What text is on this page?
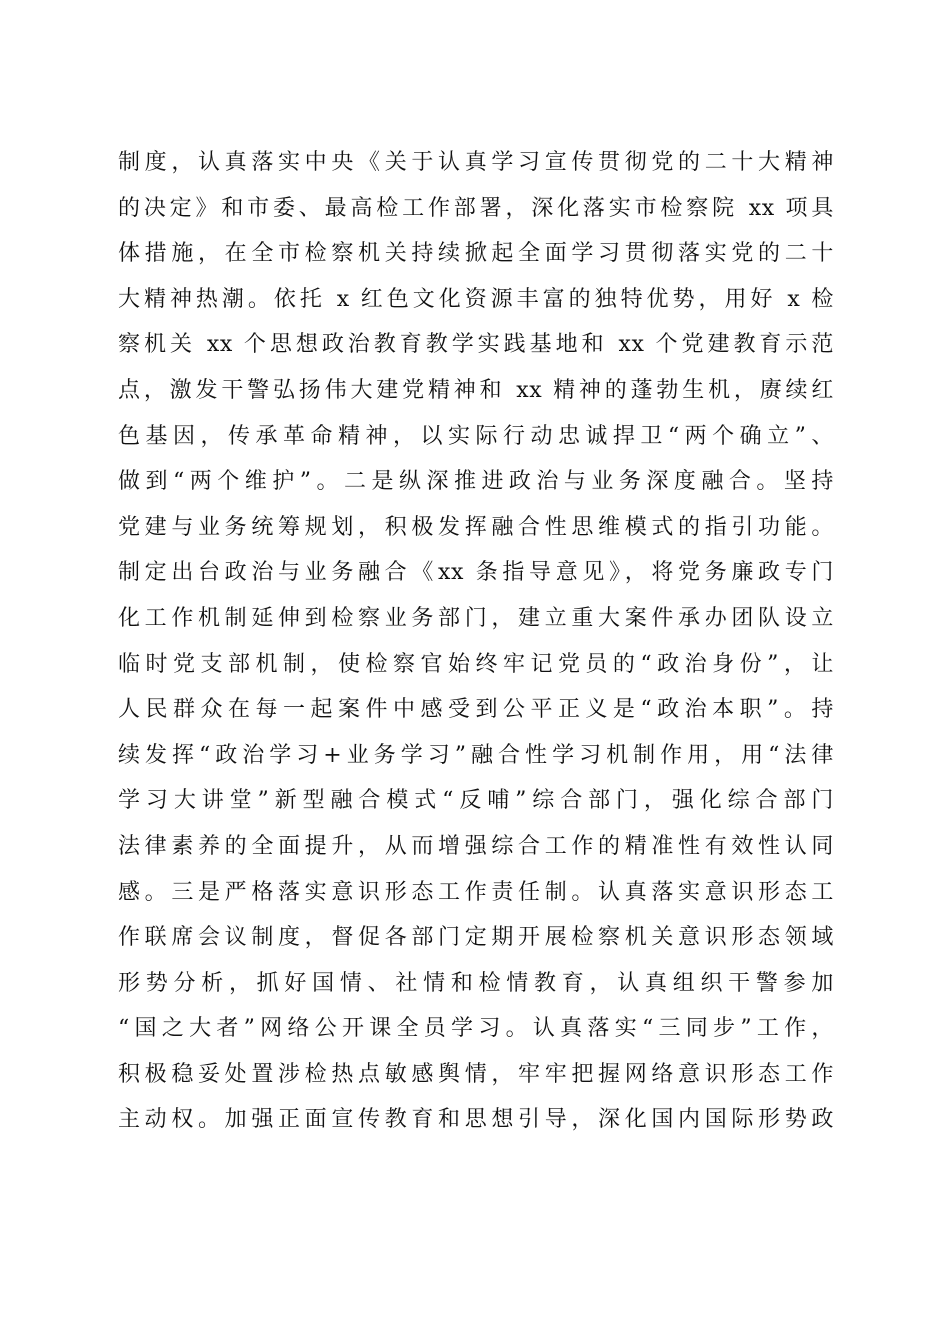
制度，认真落实中央《关于认真学习宣传贯彻党的二十大精神
的决定》和市委、最高检工作部署，深化落实市检察院 xx 项具
体措施，在全市检察机关持续掀起全面学习贯彻落实党的二十
大精神热潮。依托 x 红色文化资源丰富的独特优势，用好 x 检
察机关 xx 个思想政治教育教学实践基地和 xx 个党建教育示范
点，激发干警弘扬伟大建党精神和 xx 精神的蓬勃生机，赓续红
色基因，传承革命精神，以实际行动忠诚捍卫“两个确立”、
做到“两个维护”。二是纵深推进政治与业务深度融合。坚持
党建与业务统筹规划，积极发挥融合性思维模式的指引功能。
制定出台政治与业务融合《xx 条指导意见》，将党务廉政专门
化工作机制延伸到检察业务部门，建立重大案件承办团队设立
临时党支部机制，使检察官始终牢记党员的“政治身份”，让
人民群众在每一起案件中感受到公平正义是“政治本职”。持
续发挥“政治学习+业务学习”融合性学习机制作用，用“法律
学习大讲堂”新型融合模式“反哺”综合部门，强化综合部门
法律素养的全面提升，从而增强综合工作的精准性有效性认同
感。三是严格落实意识形态工作责任制。认真落实意识形态工
作联席会议制度，督促各部门定期开展检察机关意识形态领域
形势分析，抓好国情、社情和检情教育，认真组织干警参加
“国之大者”网络公开课全员学习。认真落实“三同步”工作，
积极稳妥处置涉检热点敏感舆情，牢牢把握网络意识形态工作
主动权。加强正面宣传教育和思想引导，深化国内国际形势政
